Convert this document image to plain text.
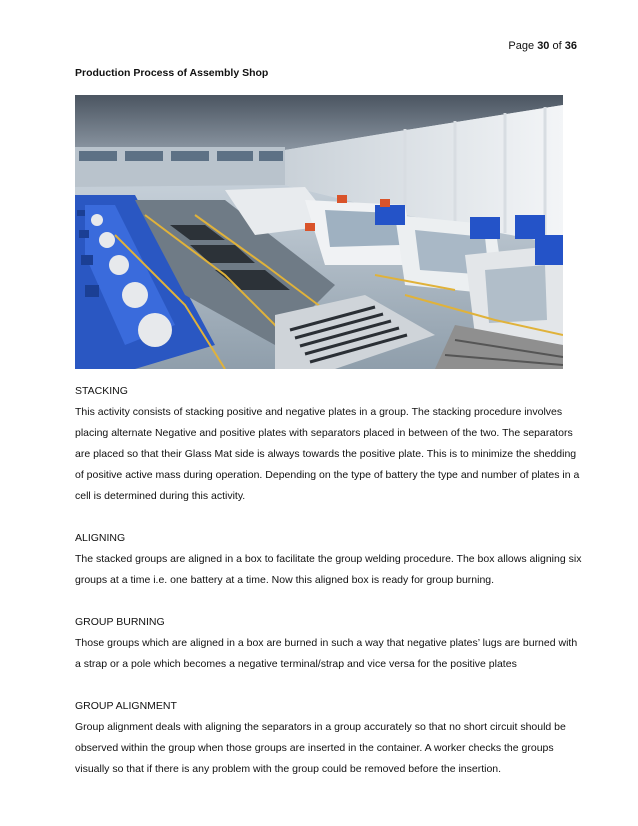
Page 30 of 36
Production Process of Assembly Shop
STACKING

This activity consists of stacking positive and negative plates in a group. The stacking procedure involves placing alternate Negative and positive plates with separators placed in between of the two. The separators are placed so that their Glass Mat side is always towards the positive plate. This is to minimize the shedding of positive active mass during operation. Depending on the type of battery the type and number of plates in a cell is determined during this activity.

ALIGNING

The stacked groups are aligned in a box to facilitate the group welding procedure. The box allows aligning six groups at a time i.e. one battery at a time. Now this aligned box is ready for group burning.

GROUP BURNING

Those groups which are aligned in a box are burned in such a way that negative plates’ lugs are burned with a strap or a pole which becomes a negative terminal/strap and vice versa for the positive plates

GROUP ALIGNMENT

Group alignment deals with aligning the separators in a group accurately so that no short circuit should be observed within the group when those groups are inserted in the container. A worker checks the groups visually so that if there is any problem with the group could be removed before the insertion.
